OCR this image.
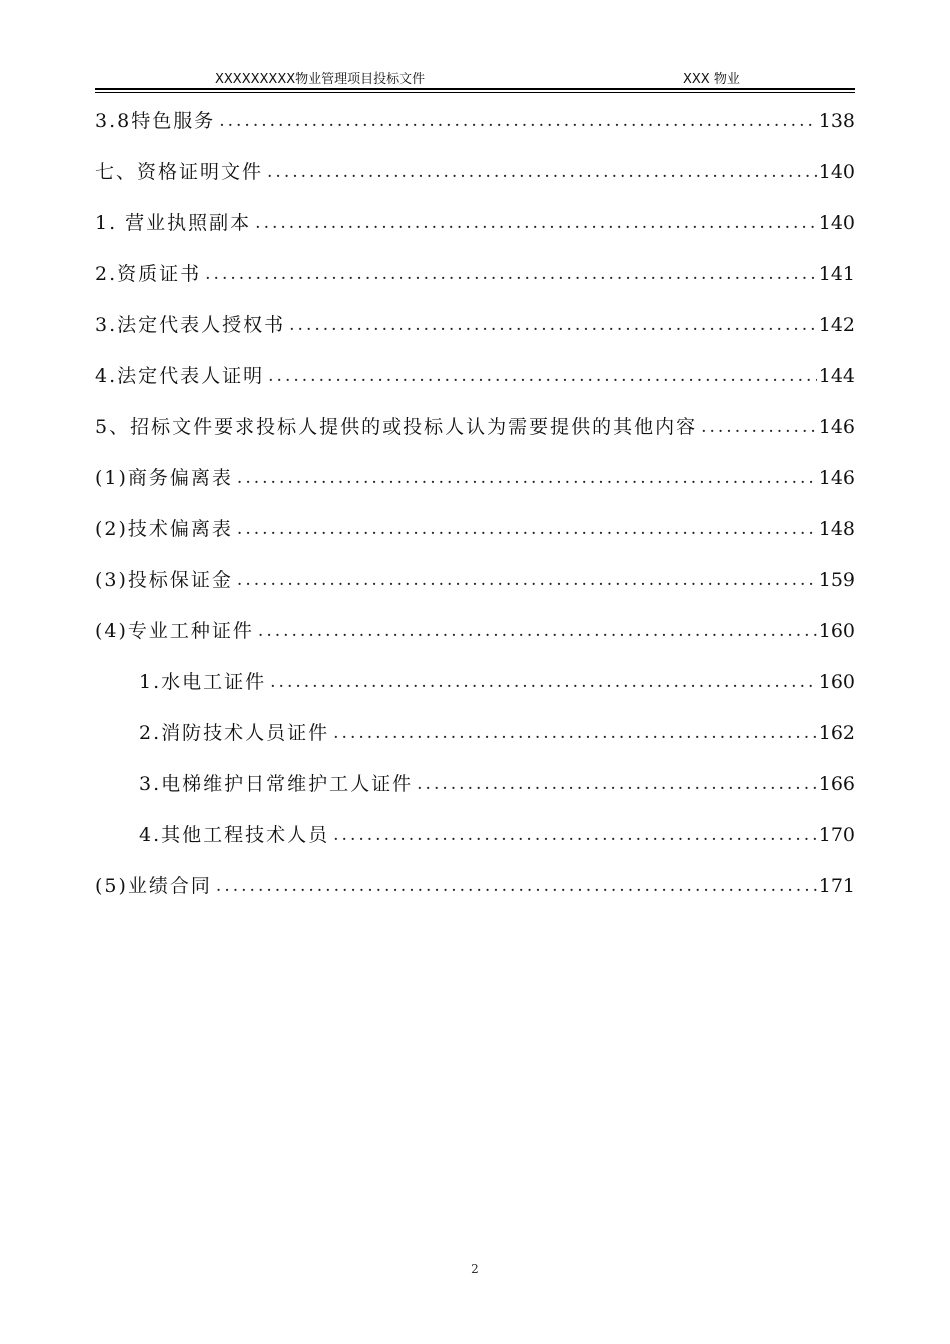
XXXXXXXXX物业管理项目投标文件	XXX 物业
3.8特色服务 .....	138
七、资格证明文件 .....	140
1. 营业执照副本 .....	140
2.资质证书 .....	141
3.法定代表人授权书 .....	142
4.法定代表人证明 .....	144
5、招标文件要求投标人提供的或投标人认为需要提供的其他内容 .....	146
(1)商务偏离表 .....	146
(2)技术偏离表 .....	148
(3)投标保证金 .....	159
(4)专业工种证件 .....	160
1.水电工证件 .....	160
2.消防技术人员证件 .....	162
3.电梯维护日常维护工人证件 .....	166
4.其他工程技术人员 .....	170
(5)业绩合同 .....	171
2
